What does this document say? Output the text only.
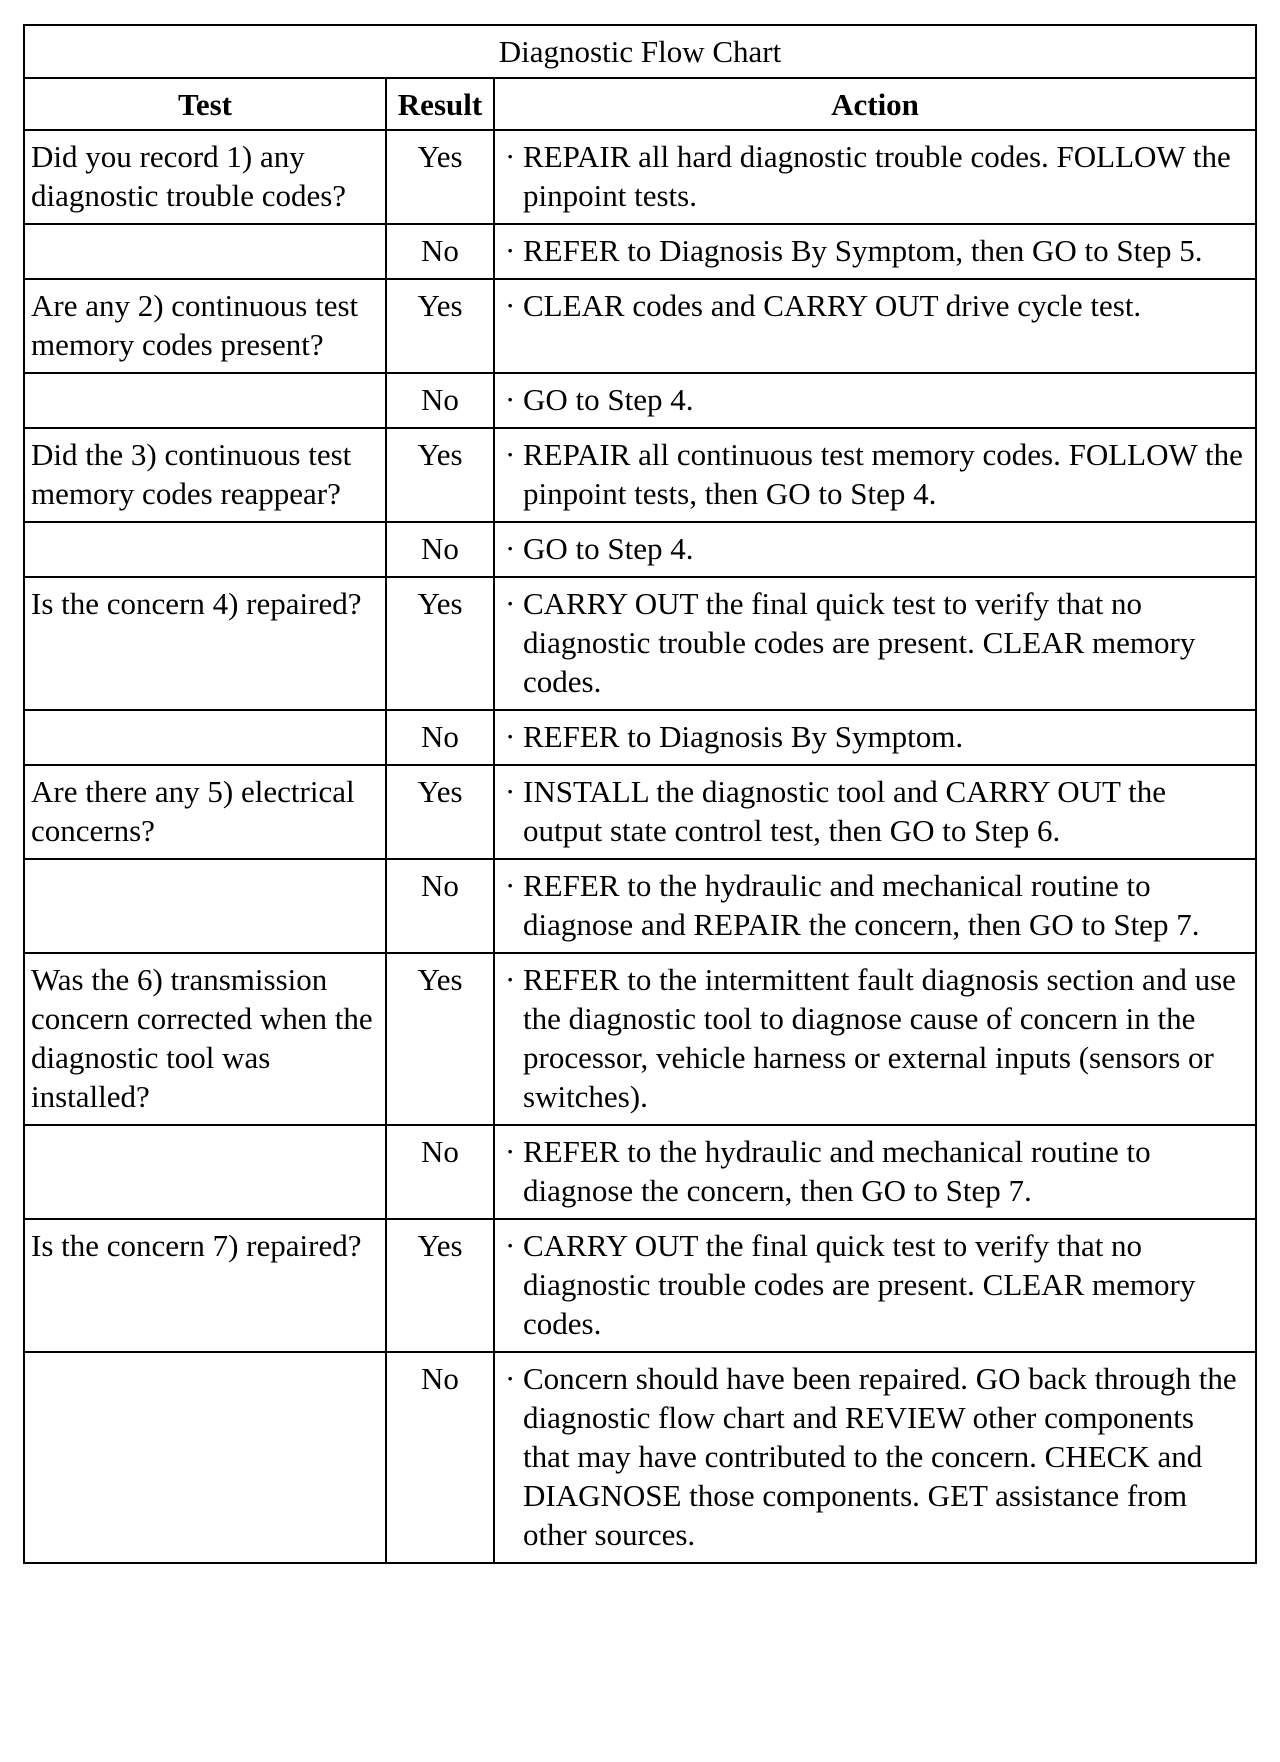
Diagnostic Flow Chart		
Test	Result	Action
Did you record 1) any diagnostic trouble codes?	Yes	· REPAIR all hard diagnostic trouble codes. FOLLOW the pinpoint tests.

	No	· REFER to Diagnosis By Symptom, then GO to Step 5.

Are any 2) continuous test memory codes present?	Yes	· CLEAR codes and CARRY OUT drive cycle test.

	No	· GO to Step 4.

Did the 3) continuous test memory codes reappear?	Yes	· REPAIR all continuous test memory codes. FOLLOW the pinpoint tests, then GO to Step 4.

	No	· GO to Step 4.

Is the concern 4) repaired?	Yes	· CARRY OUT the final quick test to verify that no diagnostic trouble codes are present. CLEAR memory codes.

	No	· REFER to Diagnosis By Symptom.

Are there any 5) electrical concerns?	Yes	· INSTALL the diagnostic tool and CARRY OUT the output state control test, then GO to Step 6.

	No	· REFER to the hydraulic and mechanical routine to diagnose and REPAIR the concern, then GO to Step 7.

Was the 6) transmission concern corrected when the diagnostic tool was installed?	Yes	· REFER to the intermittent fault diagnosis section and use the diagnostic tool to diagnose cause of concern in the processor, vehicle harness or external inputs (sensors or switches).

	No	· REFER to the hydraulic and mechanical routine to diagnose the concern, then GO to Step 7.

Is the concern 7) repaired?	Yes	· CARRY OUT the final quick test to verify that no diagnostic trouble codes are present. CLEAR memory codes.

	No	· Concern should have been repaired. GO back through the diagnostic flow chart and REVIEW other components that may have contributed to the concern. CHECK and DIAGNOSE those components. GET assistance from other sources.
